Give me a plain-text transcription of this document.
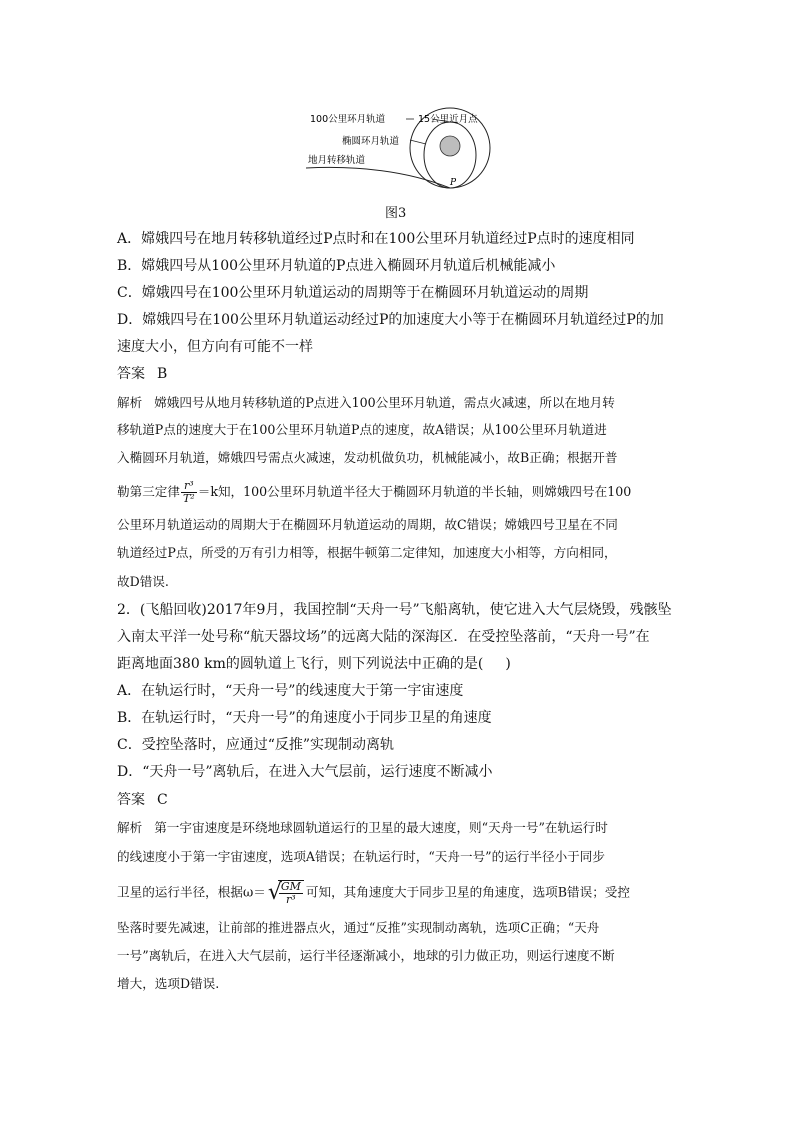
100公里环月轨道	15公里近月点
椭圆环月轨道
地月转移轨道
P
图3
A．嫦娥四号在地月转移轨道经过P点时和在100公里环月轨道经过P点时的速度相同
B．嫦娥四号从100公里环月轨道的P点进入椭圆环月轨道后机械能减小
C．嫦娥四号在100公里环月轨道运动的周期等于在椭圆环月轨道运动的周期
D．嫦娥四号在100公里环月轨道运动经过P的加速度大小等于在椭圆环月轨道经过P的加
速度大小，但方向有可能不一样
答案 B
解析 嫦娥四号从地月转移轨道的P点进入100公里环月轨道，需点火减速，所以在地月转
移轨道P点的速度大于在100公里环月轨道P点的速度，故A错误；从100公里环月轨道进
入椭圆环月轨道，嫦娥四号需点火减速，发动机做负功，机械能减小，故B正确；根据开普
勒第三定律 $\frac{\text{r³}}{\text{T²}} =k$知，100公里环月轨道半径大于椭圆环月轨道的半长轴，则嫦娥四号在100
公里环月轨道运动的周期大于在椭圆环月轨道运动的周期，故C错误；嫦娥四号卫星在不同
轨道经过P点，所受的万有引力相等，根据牛顿第二定律知，加速度大小相等，方向相同，
故D错误.
2．(飞船回收)2017年9月，我国控制“天舟一号”飞船离轨，使它进入大气层烧毁，残骸坠
入南太平洋一处号称“航天器坟场”的远离大陆的深海区．在受控坠落前，“天舟一号”在
距离地面380 km的圆轨道上飞行，则下列说法中正确的是( )
A．在轨运行时，“天舟一号”的线速度大于第一宇宙速度
B．在轨运行时，“天舟一号”的角速度小于同步卫星的角速度
C．受控坠落时，应通过“反推”实现制动离轨
D．“天舟一号”离轨后，在进入大气层前，运行速度不断减小
答案 C
解析 第一宇宙速度是环绕地球圆轨道运行的卫星的最大速度，则“天舟一号”在轨运行时
的线速度小于第一宇宙速度，选项A错误；在轨运行时，“天舟一号”的运行半径小于同步
卫星的运行半径，根据ω＝ √
$\frac{GM}{\text{r³}}$ 可知，其角速度大于同步卫星的角速度，选项B错误；受控
坠落时要先减速，让前部的推进器点火，通过“反推”实现制动离轨，选项C正确；“天舟
一号”离轨后，在进入大气层前，运行半径逐渐减小，地球的引力做正功，则运行速度不断
增大，选项D错误.
